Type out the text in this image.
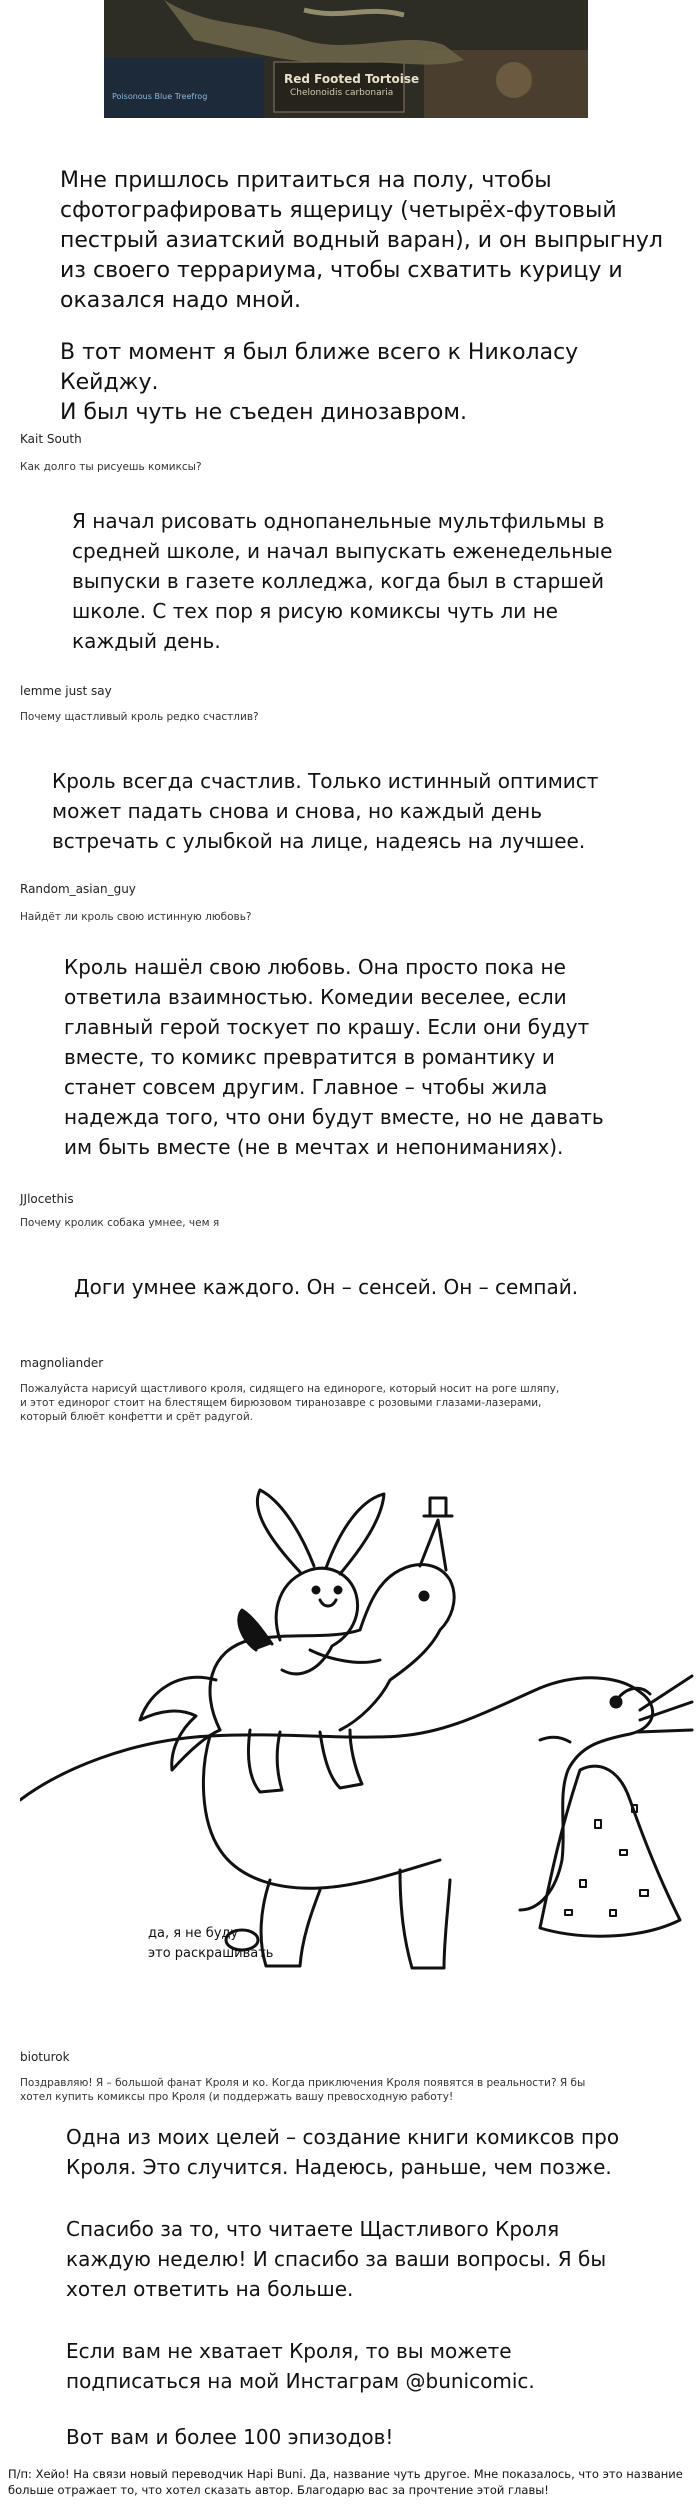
Red Footed Tortoise
Chelonoidis carbonaria
Poisonous Blue Treefrog
Мне пришлось притаиться на полу, чтобы
сфотографировать ящерицу (четырёх-футовый
пестрый азиатский водный варан), и он выпрыгнул
из своего террариума, чтобы схватить курицу и
оказался надо мной.
В тот момент я был ближе всего к Николасу Кейджу.
И был чуть не съеден динозавром.
Kait South
Как долго ты рисуешь комиксы?
Я начал рисовать однопанельные мультфильмы в
средней школе, и начал выпускать еженедельные
выпуски в газете колледжа, когда был в старшей
школе. С тех пор я рисую комиксы чуть ли не
каждый день.
lemme just say
Почему щастливый кроль редко счастлив?
Кроль всегда счастлив. Только истинный оптимист
может падать снова и снова, но каждый день
встречать с улыбкой на лице, надеясь на лучшее.
Random_asian_guy
Найдёт ли кроль свою истинную любовь?
Кроль нашёл свою любовь. Она просто пока не
ответила взаимностью. Комедии веселее, если
главный герой тоскует по крашу. Если они будут
вместе, то комикс превратится в романтику и
станет совсем другим. Главное – чтобы жила
надежда того, что они будут вместе, но не давать
им быть вместе (не в мечтах и непониманиях).
JJlocethis
Почему кролик собака умнее, чем я
Доги умнее каждого. Он – сенсей. Он – семпай.
magnoliander
Пожалуйста нарисуй щастливого кроля, сидящего на единороге, который носит на роге шляпу,
и этот единорог стоит на блестящем бирюзовом тиранозавре с розовыми глазами-лазерами,
который блюёт конфетти и срёт радугой.
да, я не буду
это раскрашивать
bioturok
Поздравляю! Я – большой фанат Кроля и ко. Когда приключения Кроля появятся в реальности? Я бы
хотел купить комиксы про Кроля (и поддержать вашу превосходную работу!
Одна из моих целей – создание книги комиксов про
Кроля. Это случится. Надеюсь, раньше, чем позже.
Спасибо за то, что читаете Щастливого Кроля
каждую неделю! И спасибо за ваши вопросы. Я бы
хотел ответить на больше.
Если вам не хватает Кроля, то вы можете
подписаться на мой Инстаграм @bunicomic.
Вот вам и более 100 эпизодов!
П/п: Хейо! На связи новый переводчик Hapi Buni. Да, название чуть другое. Мне показалось, что это название
больше отражает то, что хотел сказать автор. Благодарю вас за прочтение этой главы!
